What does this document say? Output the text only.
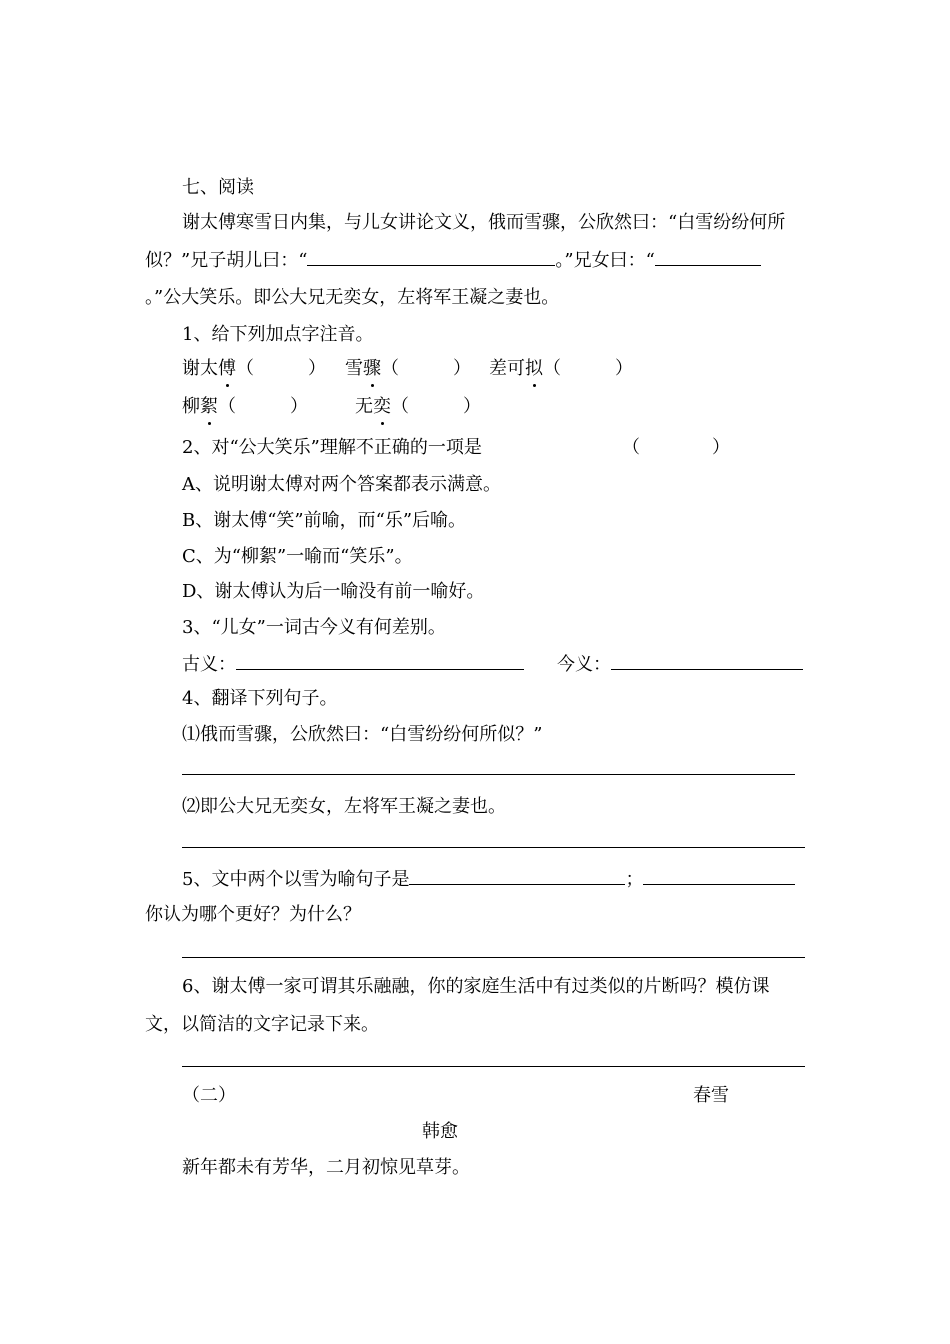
七、阅读
谢太傅寒雪日内集，与儿女讲论文义，俄而雪骤，公欣然曰：“白雪纷纷何所
似？”兄子胡儿曰：“	。”兄女曰：“
。”公大笑乐。即公大兄无奕女，左将军王凝之妻也。
1、给下列加点字注音。
谢太傅（　　　） 雪骤（　　　） 差可拟（　　　）
柳絮（　　　）	无奕（　　　）
2、对“公大笑乐”理解不正确的一项是	（　　　　）
A、说明谢太傅对两个答案都表示满意。
B、谢太傅“笑”前喻，而“乐”后喻。
C、为“柳絮”一喻而“笑乐”。
D、谢太傅认为后一喻没有前一喻好。
3、“儿女”一词古今义有何差别。
古义：	今义：
4、翻译下列句子。
⑴俄而雪骤，公欣然曰：“白雪纷纷何所似？”
⑵即公大兄无奕女，左将军王凝之妻也。
5、文中两个以雪为喻句子是	；
你认为哪个更好？为什么？
6、谢太傅一家可谓其乐融融，你的家庭生活中有过类似的片断吗？模仿课
文，以简洁的文字记录下来。
（二）	春雪
韩愈
新年都未有芳华，二月初惊见草芽。
